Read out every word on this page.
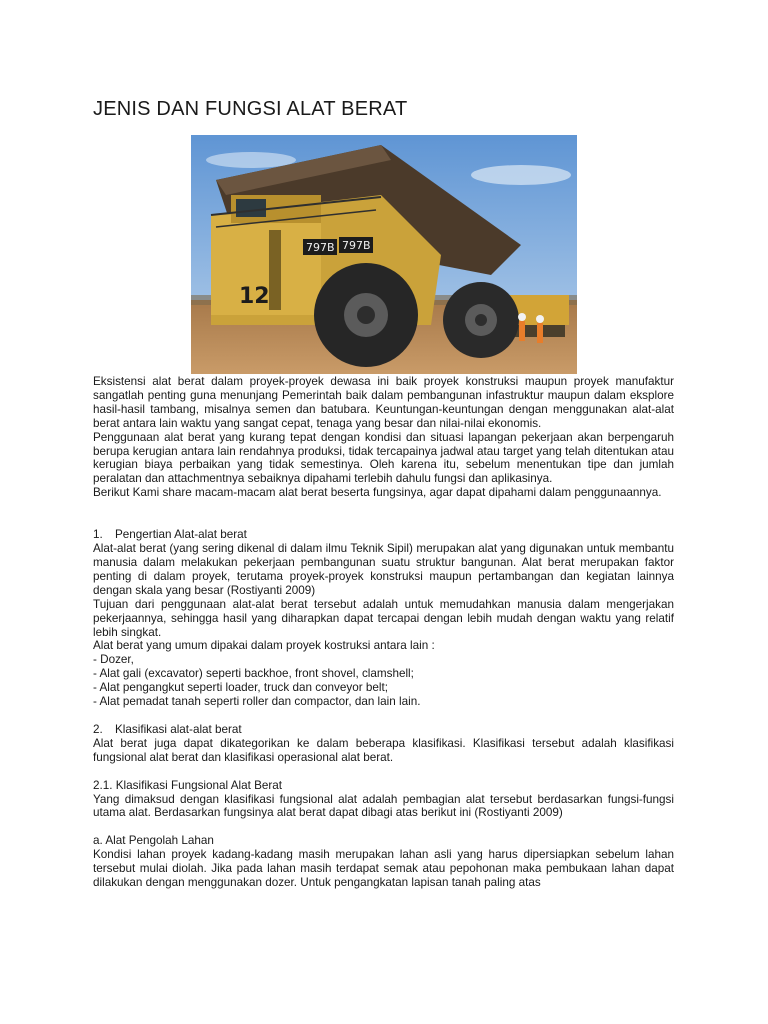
JENIS DAN FUNGSI ALAT BERAT
797B 797B
12

Eksistensi alat berat dalam proyek-proyek dewasa ini baik proyek konstruksi maupun proyek manufaktur sangatlah penting guna menunjang Pemerintah baik dalam pembangunan infastruktur maupun dalam eksplore hasil-hasil tambang, misalnya semen dan batubara. Keuntungan-keuntungan dengan menggunakan alat-alat berat antara lain waktu yang sangat cepat, tenaga yang besar dan nilai-nilai ekonomis.

Penggunaan alat berat yang kurang tepat dengan kondisi dan situasi lapangan pekerjaan akan berpengaruh berupa kerugian antara lain rendahnya produksi, tidak tercapainya jadwal atau target yang telah ditentukan atau kerugian biaya perbaikan yang tidak semestinya. Oleh karena itu, sebelum menentukan tipe dan jumlah peralatan dan attachmentnya sebaiknya dipahami terlebih dahulu fungsi dan aplikasinya.

Berikut Kami share macam-macam alat berat beserta fungsinya, agar dapat dipahami dalam penggunaannya.

1. Pengertian Alat-alat berat

Alat-alat berat (yang sering dikenal di dalam ilmu Teknik Sipil) merupakan alat yang digunakan untuk membantu manusia dalam melakukan pekerjaan pembangunan suatu struktur bangunan. Alat berat merupakan faktor penting di dalam proyek, terutama proyek-proyek konstruksi maupun pertambangan dan kegiatan lainnya dengan skala yang besar (Rostiyanti 2009)

Tujuan dari penggunaan alat-alat berat tersebut adalah untuk memudahkan manusia dalam mengerjakan pekerjaannya, sehingga hasil yang diharapkan dapat tercapai dengan lebih mudah dengan waktu yang relatif lebih singkat.

Alat berat yang umum dipakai dalam proyek kostruksi antara lain :
- Dozer,
- Alat gali (excavator) seperti backhoe, front shovel, clamshell;
- Alat pengangkut seperti loader, truck dan conveyor belt;
- Alat pemadat tanah seperti roller dan compactor, dan lain lain.
2. Klasifikasi alat-alat berat

Alat berat juga dapat dikategorikan ke dalam beberapa klasifikasi. Klasifikasi tersebut adalah klasifikasi fungsional alat berat dan klasifikasi operasional alat berat.

2.1. Klasifikasi Fungsional Alat Berat

Yang dimaksud dengan klasifikasi fungsional alat adalah pembagian alat tersebut berdasarkan fungsi-fungsi utama alat. Berdasarkan fungsinya alat berat dapat dibagi atas berikut ini (Rostiyanti 2009)

a. Alat Pengolah Lahan

Kondisi lahan proyek kadang-kadang masih merupakan lahan asli yang harus dipersiapkan sebelum lahan tersebut mulai diolah. Jika pada lahan masih terdapat semak atau pepohonan maka pembukaan lahan dapat dilakukan dengan menggunakan dozer. Untuk pengangkatan lapisan tanah paling atas
